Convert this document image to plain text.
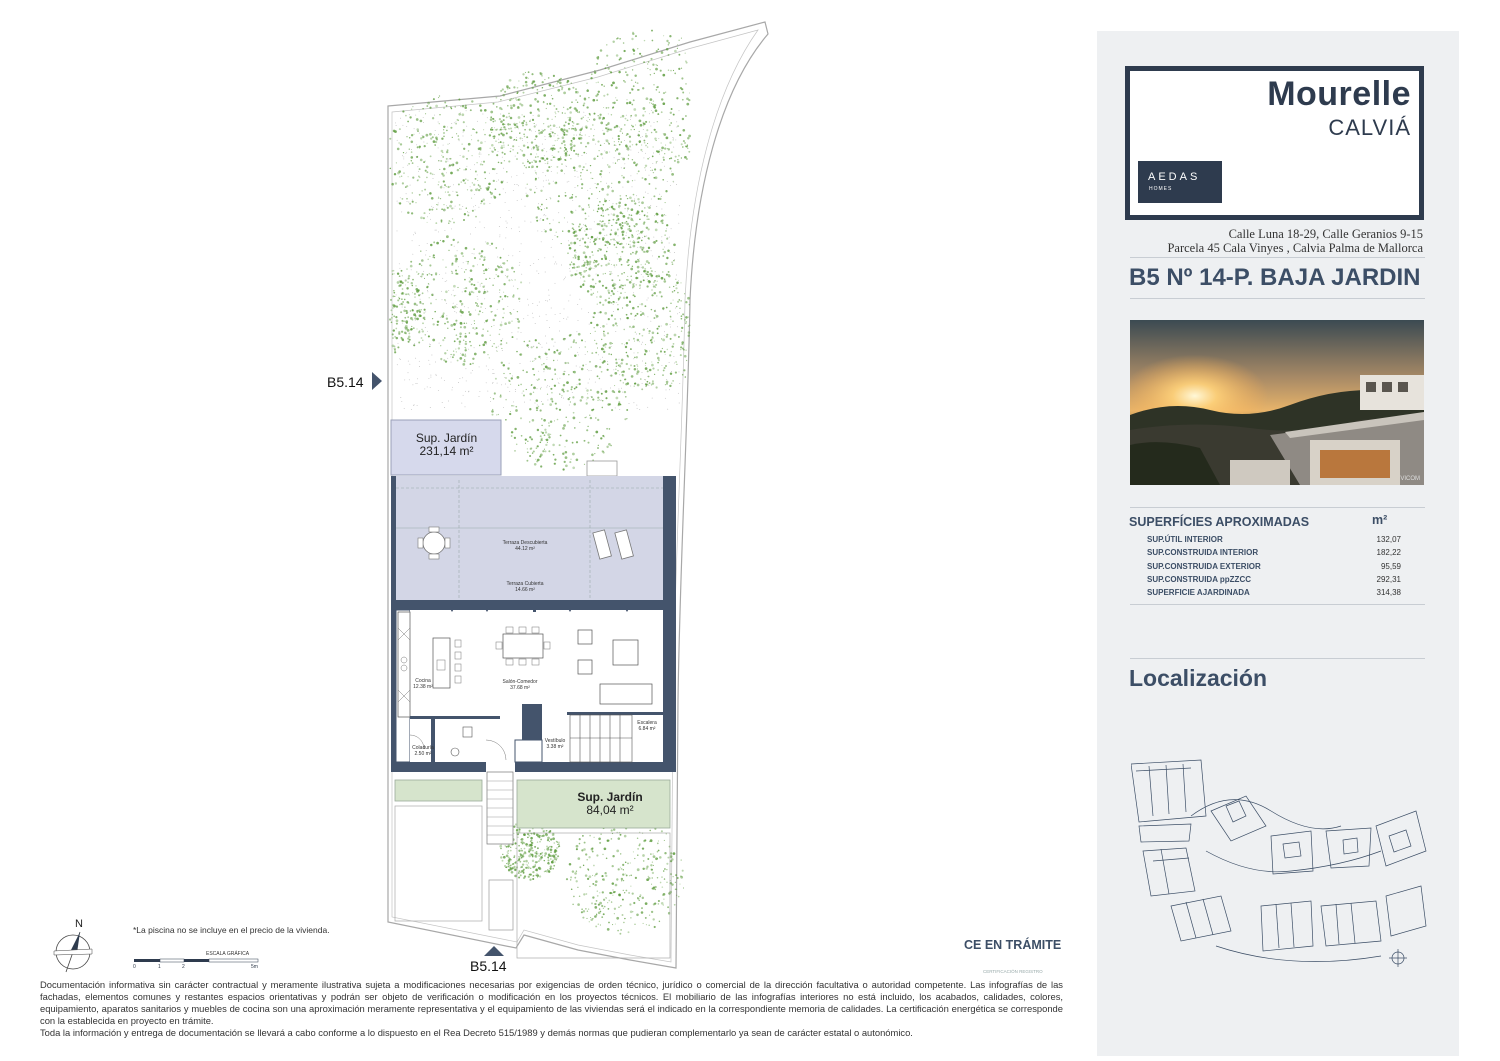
B5.14
B5.14
Sup. Jardín
231,14 m²
Sup. Jardín
84,04 m²
Terraza Descubierta
44.12 m²
Terraza Cubierta
14.66 m²
Cocina
12.38 m²
Salón-Comedor
37.68 m²
Vestíbulo
3.38 m²
Escalera
6.84 m²
Coladuría
2.50 m²
N	*La piscina no se incluye en el precio de la vivienda.
ESCALA GRÁFICA
0	1	2	5m
CE EN TRÁMITE
CERTIFICACIÓN REGISTRO
Mourelle
CALVIÁ
AEDAS
HOMES
Calle Luna 18-29, Calle Geranios 9-15
Parcela 45 Cala Vinyes , Calvia Palma de Mallorca
B5 Nº 14-P. BAJA JARDIN
VICOM
SUPERFÍCIES APROXIMADAS	m²
SUP.ÚTIL INTERIOR	132,07
SUP.CONSTRUIDA INTERIOR	182,22
SUP.CONSTRUIDA EXTERIOR	95,59
SUP.CONSTRUIDA ppZZCC	292,31
SUPERFICIE AJARDINADA	314,38
Localización

Documentación informativa sin carácter contractual y meramente ilustrativa sujeta a modificaciones necesarias por exigencias de orden técnico, jurídico o comercial de la dirección facultativa o autoridad competente. Las infografías de las fachadas, elementos comunes y restantes espacios orientativas y podrán ser objeto de verificación o modificación en los proyectos técnicos. El mobiliario de las infografías interiores no está incluido, los acabados, calidades, colores, equipamiento, aparatos sanitarios y muebles de cocina son una aproximación meramente representativa y el equipamiento de las viviendas será el indicado en la correspondiente memoria de calidades. La certificación energética se corresponde con la establecida en proyecto en trámite.

Toda la información y entrega de documentación se llevará a cabo conforme a lo dispuesto en el Rea Decreto 515/1989 y demás normas que pudieran complementarlo ya sean de carácter estatal o autonómico.
